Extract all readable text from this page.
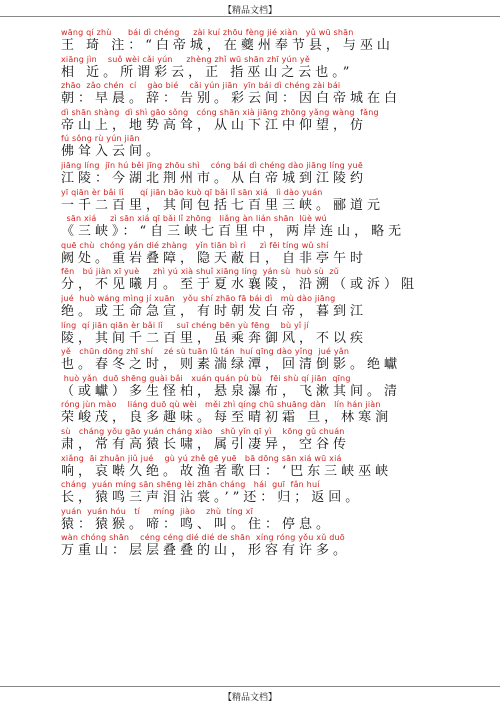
【精品文档】
wāng qí zhù      bái dì chéng     zài kuí zhōu fèng jié xiàn   yǔ wū shān
王 琦 注：“白帝城，在夔州奉节县，与巫山
xiāng jìn    suǒ wèi cǎi yún     zhèng zhǐ wū shān zhī yún yě
相 近。所谓彩云，正 指巫山之云也。”
zhāo  zǎo chén  cí    gào bié    cǎi yún jiān  yīn bái dì chéng zài bái
朝：早晨。辞：告别。彩云间：因白帝城在白
dì shān shàng  dì shì gāo sǒng   cóng shān xià jiāng zhōng yǎng wàng  fǎng
帝山上，地势高耸，从山下江中仰望，仿
fú sǒng rù yún jiān
佛耸入云间。
jiāng líng  jīn hú běi jīng zhōu shì    cóng bái dì chéng dào jiāng líng yuē
江陵：今湖北荆州市。从白帝城到江陵约
yī qiān èr bǎi lǐ      qí jiān bāo kuò qī bǎi lǐ sān xiá   lì dào yuán
一千二百里，其间包括七百里三峡。郦道元
sān xiá     zì sān xiá qī bǎi lǐ zhōng   liǎng àn lián shān  lüè wú
《三峡》：“自三峡七百里中，两岸连山，略无
quē chù  chóng yán dié zhàng   yǐn tiān bì rì     zì fēi tíng wǔ shí
阙处。重岩叠障，隐天蔽日，自非亭午时
fēn   bú jiàn xī yuè     zhì yú xià shuǐ xiāng líng  yán sù  huò sù  zǔ
分，不见曦月。至于夏水襄陵，沿溯（或泝）阻
jué  huò wáng mìng jí xuān   yǒu shí zhāo fā bái dì   mù dào jiāng
绝。或王命急宣，有时朝发白帝，暮到江
líng  qí jiān qiān èr bǎi lǐ     suī chéng bēn yù fēng    bù yǐ jí
陵，其间千二百里，虽乘奔御风，不以疾
yě   chūn dōng zhī shí    zé sù tuān lǜ tán  huí qīng dào yǐng  jué yǎn
也。春冬之时，则素湍绿潭，回清倒影。绝巘
huò yǎn  duō shēng guài bǎi   xuán quán pù bù   fēi shù qí jiān  qīng
（或巘）多生怪柏，悬泉瀑布，飞漱其间。清
róng jùn mào    liáng duō qù wèi   měi zhì qíng chū shuāng dàn   lín hán jiàn
荣峻茂，良多趣味。每至晴初霜 旦，林寒涧
sù   cháng yǒu gāo yuán cháng xiào   shǔ yǐn qī yì    kōng gǔ chuán
肃，常有高猿长啸，属引凄异，空谷传
xiǎng  āi zhuǎn jiǔ jué    gù yú zhě gē yuē   bā dōng sān xiá wū xiá
响，哀啭久绝。故渔者歌曰：‘巴东三峡巫峡
cháng  yuán míng sān shēng lèi zhān cháng   hái  guī  fǎn huí
长，猿鸣三声泪沾裳。’”还：归；返回。
yuán  yuán hóu   tí     míng  jiào    zhù  tíng xī
猿：猿猴。啼：鸣、叫。住：停息。
wàn chóng shān    céng céng dié dié de shān  xíng róng yǒu xǔ duō
万重山：层层叠叠的山，形容有许多。
【精品文档】
